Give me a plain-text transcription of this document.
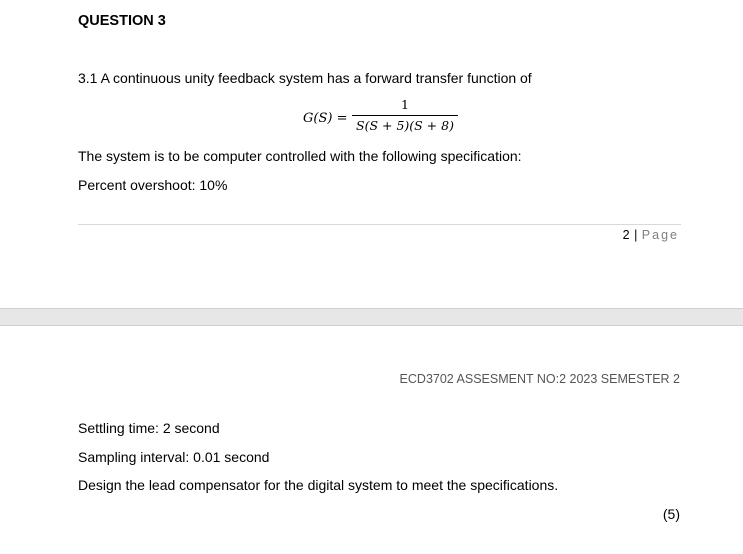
QUESTION 3
3.1 A continuous unity feedback system has a forward transfer function of
G(S) =
1
S(S + 5)(S + 8)
The system is to be computer controlled with the following specification:
Percent overshoot: 10%
2 | Page
ECD3702 ASSESMENT NO:2 2023 SEMESTER 2
Settling time: 2 second
Sampling interval: 0.01 second
Design the lead compensator for the digital system to meet the specifications.
(5)
